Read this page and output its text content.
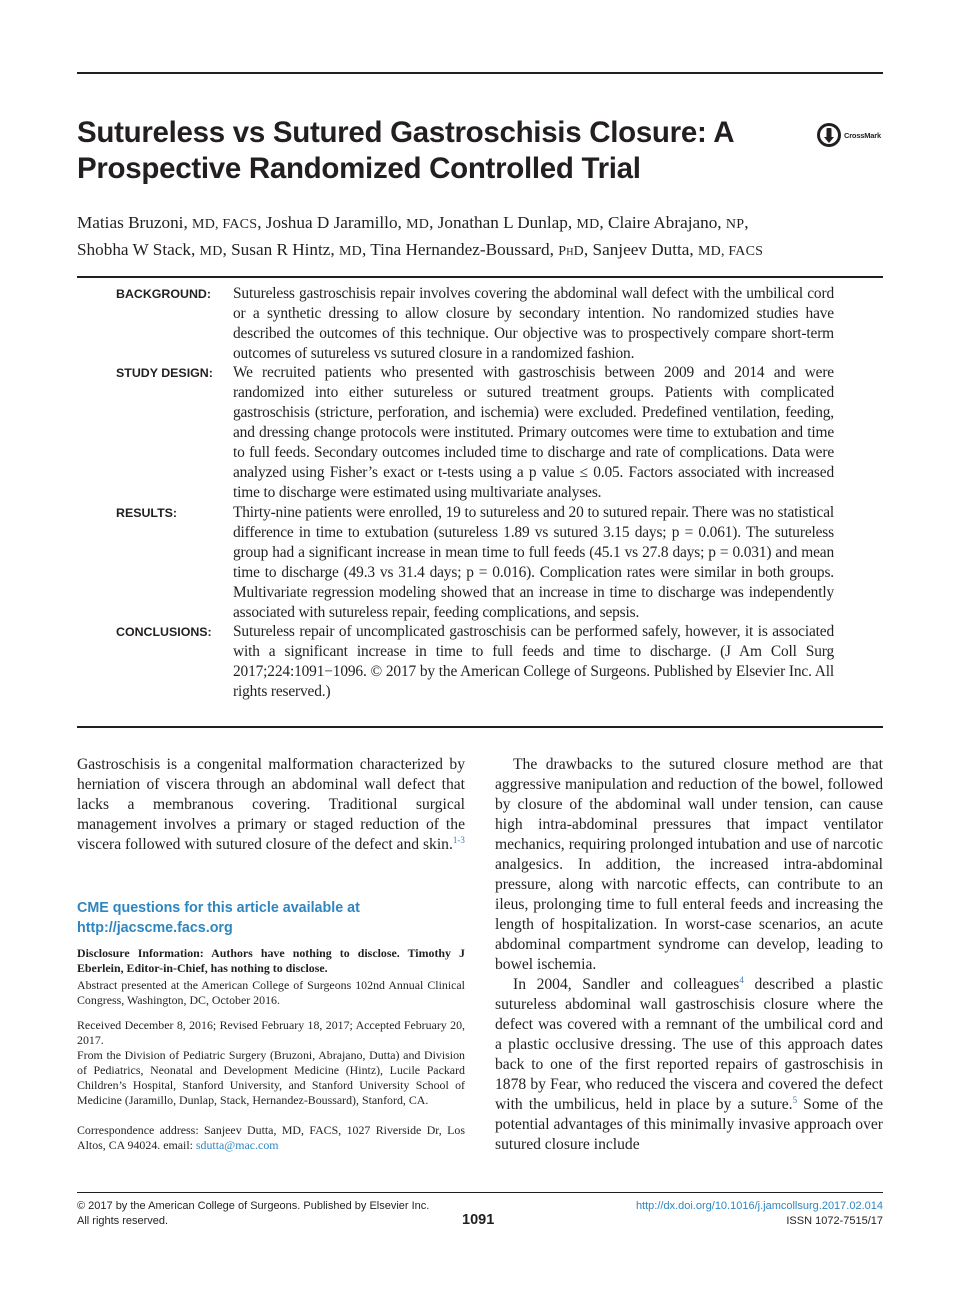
Sutureless vs Sutured Gastroschisis Closure: A Prospective Randomized Controlled Trial
CrossMark
Matias Bruzoni, MD, FACS, Joshua D Jaramillo, MD, Jonathan L Dunlap, MD, Claire Abrajano, NP,
Shobha W Stack, MD, Susan R Hintz, MD, Tina Hernandez-Boussard, PhD, Sanjeev Dutta, MD, FACS
BACKGROUND: Sutureless gastroschisis repair involves covering the abdominal wall defect with the umbilical cord or a synthetic dressing to allow closure by secondary intention. No randomized studies have described the outcomes of this technique. Our objective was to prospectively compare short-term outcomes of sutureless vs sutured closure in a randomized fashion.

STUDY DESIGN: We recruited patients who presented with gastroschisis between 2009 and 2014 and were randomized into either sutureless or sutured treatment groups. Patients with complicated gastroschisis (stricture, perforation, and ischemia) were excluded. Predefined ventilation, feeding, and dressing change protocols were instituted. Primary outcomes were time to extubation and time to full feeds. Secondary outcomes included time to discharge and rate of complications. Data were analyzed using Fisher’s exact or t-tests using a p value ≤ 0.05. Factors associated with increased time to discharge were estimated using multivariate analyses.

RESULTS:	Thirty-nine patients were enrolled, 19 to sutureless and 20 to sutured repair. There was no statistical difference in time to extubation (sutureless 1.89 vs sutured 3.15 days; p = 0.061). The sutureless group had a significant increase in mean time to full feeds (45.1 vs 27.8 days; p = 0.031) and mean time to discharge (49.3 vs 31.4 days; p = 0.016). Complication rates were similar in both groups. Multivariate regression modeling showed that an increase in time to discharge was independently associated with sutureless repair, feeding complications, and sepsis.

CONCLUSIONS: Sutureless repair of uncomplicated gastroschisis can be performed safely, however, it is associated with a significant increase in time to full feeds and time to discharge. (J Am Coll Surg 2017;224:1091−1096. © 2017 by the American College of Surgeons. Published by Elsevier Inc. All rights reserved.)

Gastroschisis is a congenital malformation characterized by herniation of viscera through an abdominal wall defect that lacks a membranous covering. Traditional surgical management involves a primary or staged reduction of the viscera followed with sutured closure of the defect and skin.$^{1-3}$

CME questions for this article available at
http://jacscme.facs.org

Disclosure Information: Authors have nothing to disclose. Timothy J Eberlein, Editor-in-Chief, has nothing to disclose.

Abstract presented at the American College of Surgeons 102nd Annual Clinical Congress, Washington, DC, October 2016.

Received December 8, 2016; Revised February 18, 2017; Accepted February 20, 2017.

From the Division of Pediatric Surgery (Bruzoni, Abrajano, Dutta) and Division of Pediatrics, Neonatal and Development Medicine (Hintz), Lucile Packard Children’s Hospital, Stanford University, and Stanford University School of Medicine (Jaramillo, Dunlap, Stack, Hernandez-Boussard), Stanford, CA.

Correspondence address: Sanjeev Dutta, MD, FACS, 1027 Riverside Dr, Los Altos, CA 94024. email: sdutta@mac.com

The drawbacks to the sutured closure method are that aggressive manipulation and reduction of the bowel, followed by closure of the abdominal wall under tension, can cause high intra-abdominal pressures that impact ventilator mechanics, requiring prolonged intubation and use of narcotic analgesics. In addition, the increased intra-abdominal pressure, along with narcotic effects, can contribute to an ileus, prolonging time to full enteral feeds and increasing the length of hospitalization. In worst-case scenarios, an acute abdominal compartment syndrome can develop, leading to bowel ischemia.

In 2004, Sandler and colleagues$^4$ described a plastic sutureless abdominal wall gastroschisis closure where the defect was covered with a remnant of the umbilical cord and a plastic occlusive dressing. The use of this approach dates back to one of the first reported repairs of gastroschisis in 1878 by Fear, who reduced the viscera and covered the defect with the umbilicus, held in place by a suture.$^5$ Some of the potential advantages of this minimally invasive approach over sutured closure include

© 2017 by the American College of Surgeons. Published by Elsevier Inc.
All rights reserved.	1091
http://dx.doi.org/10.1016/j.jamcollsurg.2017.02.014
ISSN 1072-7515/17
